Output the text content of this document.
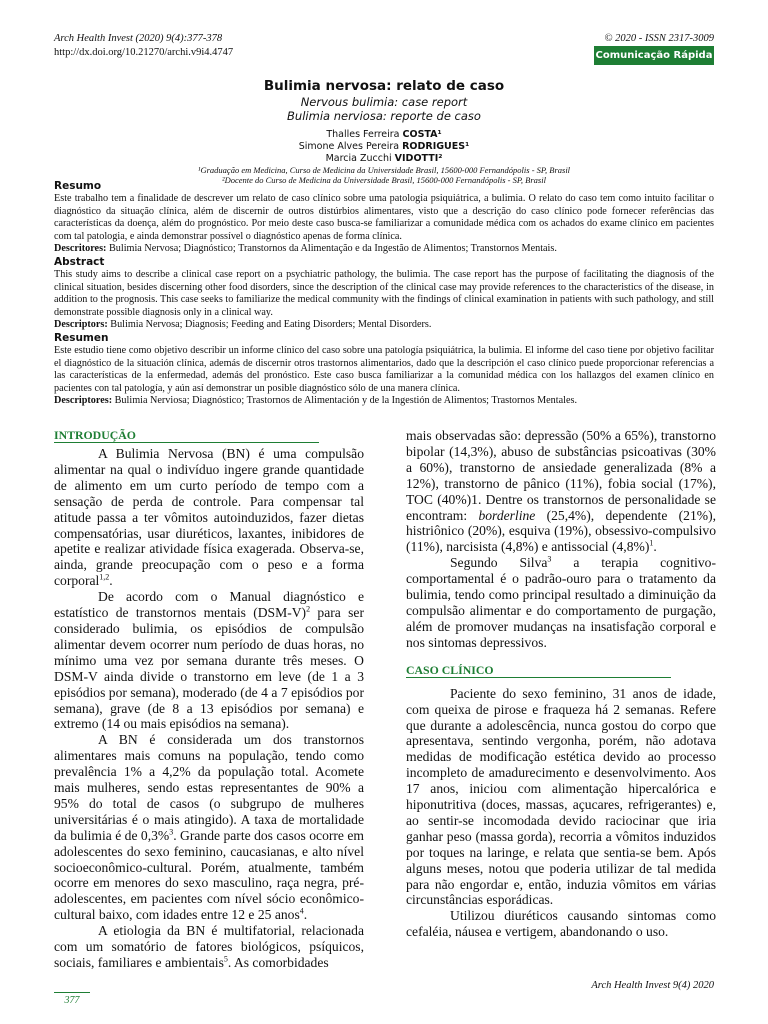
Arch Health Invest (2020) 9(4):377-378
http://dx.doi.org/10.21270/archi.v9i4.4747
© 2020 - ISSN 2317-3009
Comunicação Rápida
Bulimia nervosa: relato de caso
Nervous bulimia: case report
Bulimia nerviosa: reporte de caso
Thalles Ferreira COSTA¹
Simone Alves Pereira RODRIGUES¹
Marcia Zucchi VIDOTTI²
¹Graduação em Medicina, Curso de Medicina da Universidade Brasil, 15600-000 Fernandópolis - SP, Brasil
²Docente do Curso de Medicina da Universidade Brasil, 15600-000 Fernandópolis - SP, Brasil
Resumo

Este trabalho tem a finalidade de descrever um relato de caso clínico sobre uma patologia psiquiátrica, a bulimia. O relato do caso tem como intuito facilitar o diagnóstico da situação clínica, além de discernir de outros distúrbios alimentares, visto que a descrição do caso clínico pode fornecer referências das características da doença, além do prognóstico. Por meio deste caso busca-se familiarizar a comunidade médica com os achados do exame clínico em pacientes com tal patologia, e ainda demonstrar possível o diagnóstico apenas de forma clínica.

Descritores: Bulimia Nervosa; Diagnóstico; Transtornos da Alimentação e da Ingestão de Alimentos; Transtornos Mentais.

Abstract

This study aims to describe a clinical case report on a psychiatric pathology, the bulimia. The case report has the purpose of facilitating the diagnosis of the clinical situation, besides discerning other food disorders, since the description of the clinical case may provide references to the characteristics of the disease, in addition to the prognosis. This case seeks to familiarize the medical community with the findings of clinical examination in patients with such pathology, and still demonstrate possible diagnosis only in a clinical way.

Descriptors: Bulimia Nervosa; Diagnosis; Feeding and Eating Disorders; Mental Disorders.

Resumen

Este estudio tiene como objetivo describir un informe clínico del caso sobre una patología psiquiátrica, la bulimia. El informe del caso tiene por objetivo facilitar el diagnóstico de la situación clínica, además de discernir otros trastornos alimentarios, dado que la descripción el caso clínico puede proporcionar referencias a las características de la enfermedad, además del pronóstico. Este caso busca familiarizar a la comunidad médica con los hallazgos del examen clínico en pacientes con tal patología, y aún así demonstrar un posible diagnóstico sólo de una manera clínica.

Descriptores: Bulimia Nerviosa; Diagnóstico; Trastornos de Alimentación y de la Ingestión de Alimentos; Trastornos Mentales.

INTRODUÇÃO

A Bulimia Nervosa (BN) é uma compulsão alimentar na qual o indivíduo ingere grande quantidade de alimento em um curto período de tempo com a sensação de perda de controle. Para compensar tal atitude passa a ter vômitos autoinduzidos, fazer dietas compensatórias, usar diuréticos, laxantes, inibidores de apetite e realizar atividade física exagerada. Observa-se, ainda, grande preocupação com o peso e a forma corporal$^{1,2}$.

De acordo com o Manual diagnóstico e estatístico de transtornos mentais $(DSM-V)^2$ para ser considerado bulimia, os episódios de compulsão alimentar devem ocorrer num período de duas horas, no mínimo uma vez por semana durante três meses. O DSM-V ainda divide o transtorno em leve (de 1 a 3 episódios por semana), moderado (de 4 a 7 episódios por semana), grave (de 8 a 13 episódios por semana) e extremo (14 ou mais episódios na semana).

A BN é considerada um dos transtornos alimentares mais comuns na população, tendo como prevalência 1% a 4,2% da população total. Acomete mais mulheres, sendo estas representantes de 90% a 95% do total de casos (o subgrupo de mulheres universitárias é o mais atingido). A taxa de mortalidade da bulimia é de 0,3%$^3$. Grande parte dos casos ocorre em adolescentes do sexo feminino, caucasianas, e alto nível socioeconômico-cultural. Porém, atualmente, também ocorre em menores do sexo masculino, raça negra, pré-adolescentes, em pacientes com nível sócio econômico-cultural baixo, com idades entre 12 e 25 anos$^4$.

A etiologia da BN é multifatorial, relacionada com um somatório de fatores biológicos, psíquicos, sociais, familiares e ambientais$^5$. As comorbidades

mais observadas são: depressão (50% a 65%), transtorno bipolar (14,3%), abuso de substâncias psicoativas (30% a 60%), transtorno de ansiedade generalizada (8% a 12%), transtorno de pânico (11%), fobia social (17%), TOC (40%)1. Dentre os transtornos de personalidade se encontram: borderline (25,4%), dependente (21%), histriônico (20%), esquiva (19%), obsessivo-compulsivo (11%), narcisista (4,8%) e antissocial $(4,8\%)^1$.

Segundo Silva$^3$ a terapia cognitivo-comportamental é o padrão-ouro para o tratamento da bulimia, tendo como principal resultado a diminuição da compulsão alimentar e do comportamento de purgação, além de promover mudanças na insatisfação corporal e nos sintomas depressivos.

CASO CLÍNICO

Paciente do sexo feminino, 31 anos de idade, com queixa de pirose e fraqueza há 2 semanas. Refere que durante a adolescência, nunca gostou do corpo que apresentava, sentindo vergonha, porém, não adotava medidas de modificação estética devido ao processo incompleto de amadurecimento e desenvolvimento. Aos 17 anos, iniciou com alimentação hipercalórica e hiponutritiva (doces, massas, açucares, refrigerantes) e, ao sentir-se incomodada devido raciocinar que iria ganhar peso (massa gorda), recorria a vômitos induzidos por toques na laringe, e relata que sentia-se bem. Após alguns meses, notou que poderia utilizar de tal medida para não engordar e, então, induzia vômitos em várias circunstâncias esporádicas.

Utilizou diuréticos causando sintomas como cefaléia, náusea e vertigem, abandonando o uso.

377
Arch Health Invest 9(4) 2020
